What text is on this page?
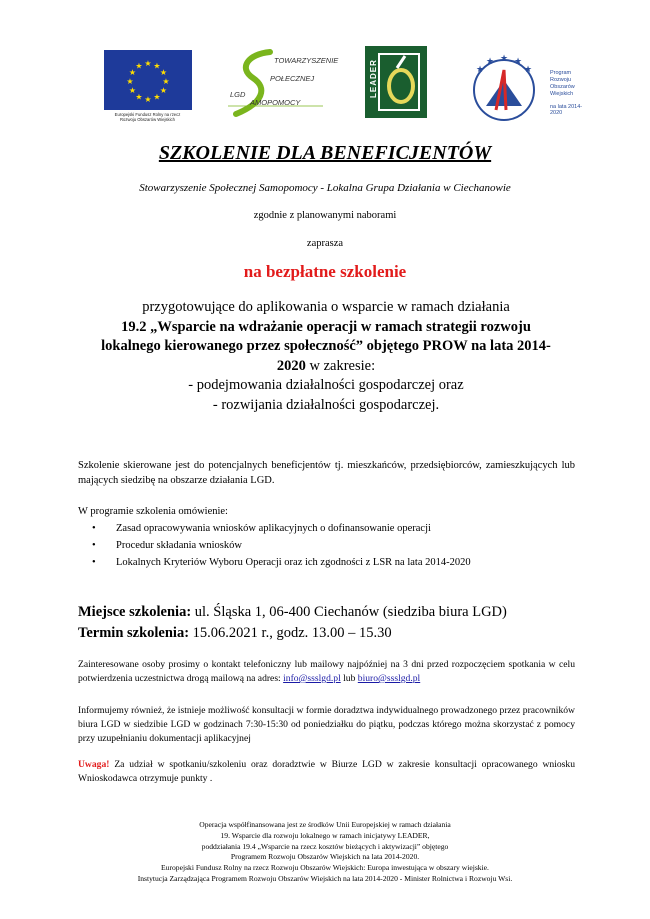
★ ★
★
★
★
★
★
★
★
★
★
★
Europejski Fundusz Rolny na rzecz
Rozwoju Obszarów Wiejskich
TOWARZYSZENIE
POŁECZNEJ
LGD
AMOPOMOCY
LEADER	★
★ ★ ★
★	Program
Rozwoju
Obszarów
Wiejskich
na lata 2014-2020
SZKOLENIE DLA BENEFICJENTÓW
Stowarzyszenie Społecznej Samopomocy - Lokalna Grupa Działania w Ciechanowie
zgodnie z planowanymi naborami
zaprasza
na bezpłatne szkolenie
przygotowujące do aplikowania o wsparcie w ramach działania
19.2 „Wsparcie na wdrażanie operacji w ramach strategii rozwoju
lokalnego kierowanego przez społeczność” objętego PROW na lata 2014-
2020 w zakresie:
- podejmowania działalności gospodarczej oraz
- rozwijania działalności gospodarczej.
Szkolenie skierowane jest do potencjalnych beneficjentów tj. mieszkańców, przedsiębiorców, zamieszkujących lub mających siedzibę na obszarze działania LGD.
W programie szkolenia omówienie:
• Zasad opracowywania wniosków aplikacyjnych o dofinansowanie operacji
• Procedur składania wniosków
• Lokalnych Kryteriów Wyboru Operacji oraz ich zgodności z LSR na lata 2014-2020
Miejsce szkolenia: ul. Śląska 1, 06-400 Ciechanów (siedziba biura LGD)
Termin szkolenia: 15.06.2021 r., godz. 13.00 – 15.30
Zainteresowane osoby prosimy o kontakt telefoniczny lub mailowy najpóźniej na 3 dni przed rozpoczęciem spotkania w celu potwierdzenia uczestnictwa drogą mailową na adres: info@ssslgd.pl lub biuro@ssslgd.pl
Informujemy również, że istnieje możliwość konsultacji w formie doradztwa indywidualnego prowadzonego przez pracowników biura LGD w siedzibie LGD w godzinach 7:30-15:30 od poniedziałku do piątku, podczas którego można skorzystać z pomocy przy uzupełnianiu dokumentacji aplikacyjnej
Uwaga! Za udział w spotkaniu/szkoleniu oraz doradztwie w Biurze LGD w zakresie konsultacji opracowanego wniosku Wnioskodawca otrzymuje punkty .
Operacja współfinansowana jest ze środków Unii Europejskiej w ramach działania
19. Wsparcie dla rozwoju lokalnego w ramach inicjatywy LEADER,
poddziałania 19.4 „Wsparcie na rzecz kosztów bieżących i aktywizacji” objętego
Programem Rozwoju Obszarów Wiejskich na lata 2014-2020.
Europejski Fundusz Rolny na rzecz Rozwoju Obszarów Wiejskich: Europa inwestująca w obszary wiejskie.
Instytucja Zarządzająca Programem Rozwoju Obszarów Wiejskich na lata 2014-2020 - Minister Rolnictwa i Rozwoju Wsi.
